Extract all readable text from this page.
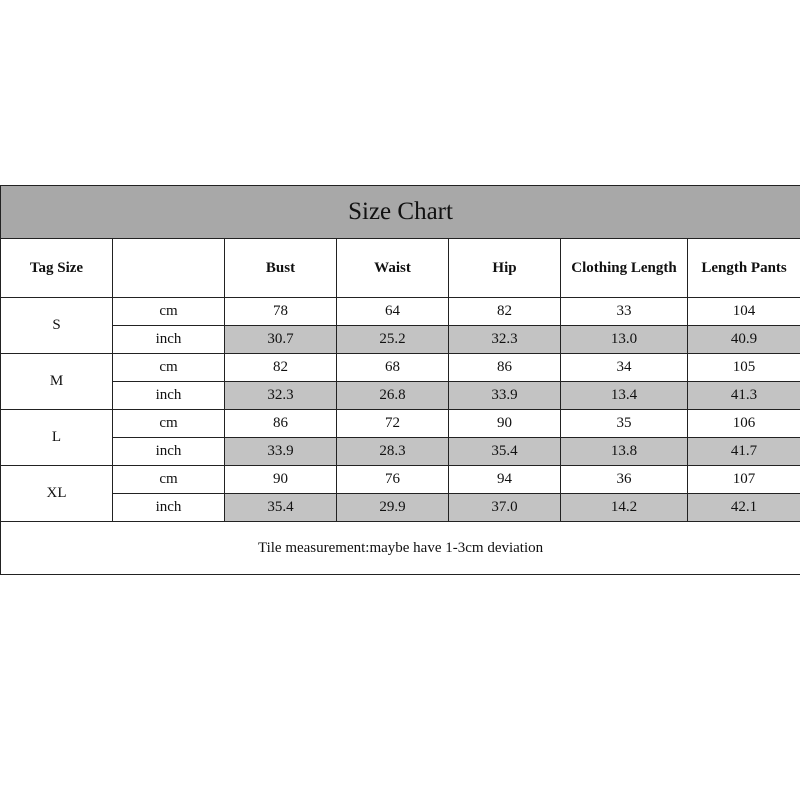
Size Chart						
Tag Size		Bust	Waist	Hip	Clothing Length	Length Pants
S	cm	78	64	82	33	104
	inch	30.7	25.2	32.3	13.0	40.9
M	cm	82	68	86	34	105
	inch	32.3	26.8	33.9	13.4	41.3
L	cm	86	72	90	35	106
	inch	33.9	28.3	35.4	13.8	41.7
XL	cm	90	76	94	36	107
	inch	35.4	29.9	37.0	14.2	42.1
Tile measurement:maybe have 1-3cm deviation						
